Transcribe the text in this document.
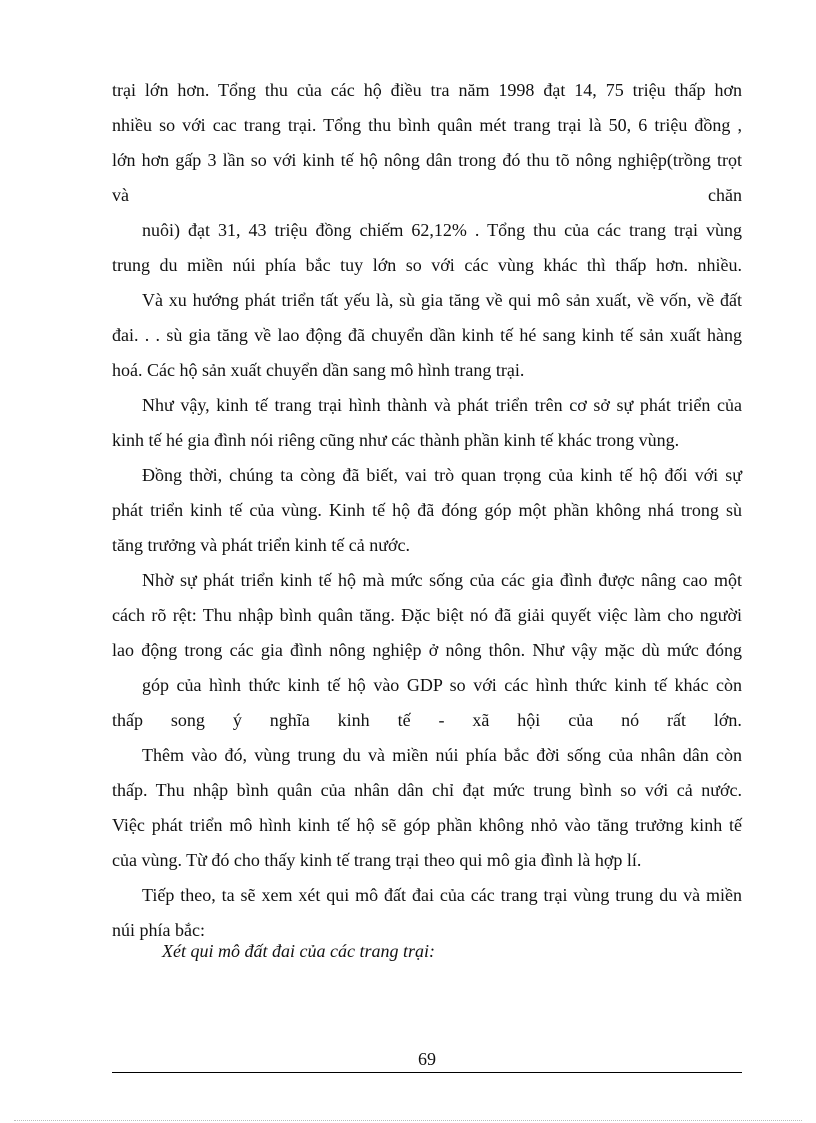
trại lớn hơn. Tổng thu của các hộ điều tra năm 1998 đạt 14, 75 triệu thấp hơn
nhiều so với cac trang trại. Tổng thu bình quân mét trang trại là 50, 6 triệu đồng ,
lớn hơn gấp 3 lần so với kinh tế hộ nông dân trong đó thu tõ nông nghiệp(trồng trọt
và	chăn
nuôi) đạt 31, 43 triệu đồng chiếm 62,12% . Tổng thu của các trang trại vùng
trung du miền núi phía bắc tuy lớn so với các vùng khác thì thấp hơn. nhiều.
Và xu hướng phát triển tất yếu là, sù gia tăng về qui mô sản xuất, về vốn, về đất
đai. . . sù gia tăng về lao động đã chuyển dần kinh tế hé sang kinh tế sản xuất hàng
hoá. Các hộ sản xuất chuyển dần sang mô hình trang trại.
Như vậy, kinh tế trang trại hình thành và phát triển trên cơ sở sự phát triển của
kinh tế hé gia đình nói riêng cũng như các thành phần kinh tế khác trong vùng.
Đồng thời, chúng ta còng đã biết, vai trò quan trọng của kinh tế hộ đối với sự
phát triển kinh tế của vùng. Kinh tế hộ đã đóng góp một phần không nhá trong sù
tăng trưởng và phát triển kinh tế cả nước.
Nhờ sự phát triển kinh tế hộ mà mức sống của các gia đình được nâng cao một
cách rõ rệt: Thu nhập bình quân tăng. Đặc biệt nó đã giải quyết việc làm cho người
lao động trong các gia đình nông nghiệp ở nông thôn. Như vậy mặc dù mức đóng
góp của hình thức kinh tế hộ vào GDP so với các hình thức kinh tế khác còn
thấp song ý nghĩa kinh tế - xã hội của nó rất lớn.
Thêm vào đó, vùng trung du và miền núi phía bắc đời sống của nhân dân còn
thấp. Thu nhập bình quân của nhân dân chỉ đạt mức trung bình so với cả nước.
Việc phát triển mô hình kinh tế hộ sẽ góp phần không nhỏ vào tăng trưởng kinh tế
của vùng. Từ đó cho thấy kinh tế trang trại theo qui mô gia đình là hợp lí.
Tiếp theo, ta sẽ xem xét qui mô đất đai của các trang trại vùng trung du và miền
núi phía bắc:
Xét qui mô đất đai của các trang trại:
69
